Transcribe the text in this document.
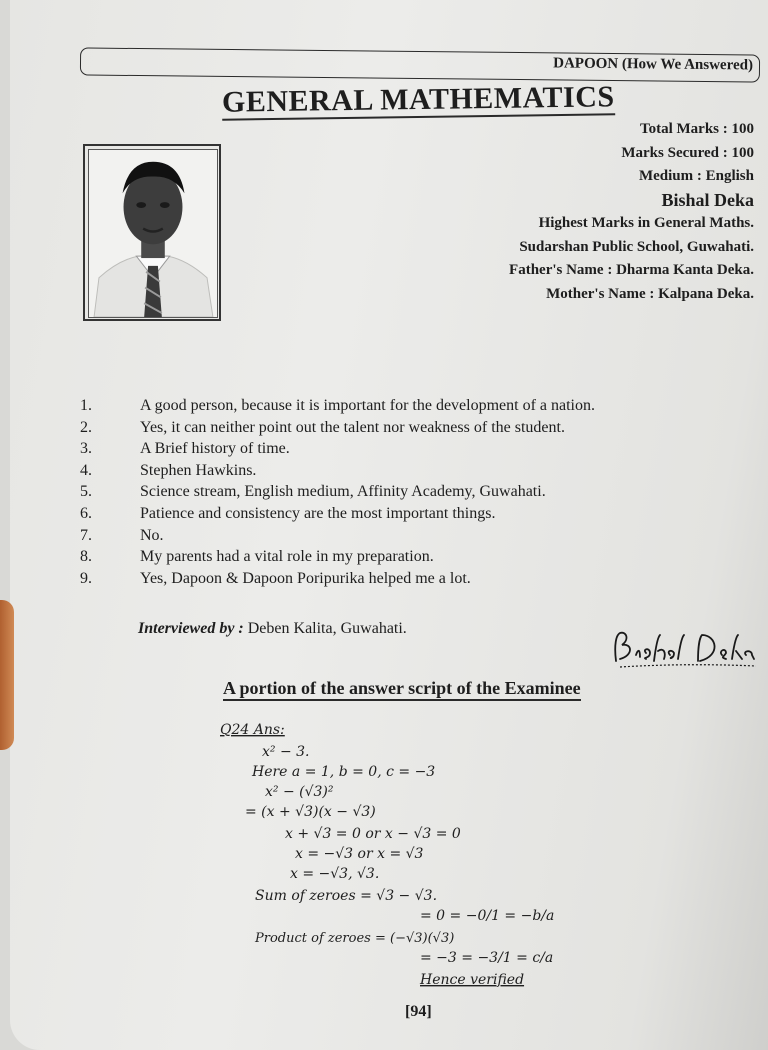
DAPOON (How We Answered)
GENERAL MATHEMATICS
Total Marks : 100
Marks Secured : 100
Medium : English
Bishal Deka
Highest Marks in General Maths.
Sudarshan Public School, Guwahati.
Father's Name : Dharma Kanta Deka.
Mother's Name : Kalpana Deka.
1.	A good person, because it is important for the development of a nation.
2.	Yes, it can neither point out the talent nor weakness of the student.
3.	A Brief history of time.
4.	Stephen Hawkins.
5.	Science stream, English medium, Affinity Academy, Guwahati.
6.	Patience and consistency are the most important things.
7.	No.
8.	My parents had a vital role in my preparation.
9.	Yes, Dapoon & Dapoon Poripurika helped me a lot.
Interviewed by : Deben Kalita, Guwahati.
A portion of the answer script of the Examinee
Q24 Ans:
x² − 3.
Here a = 1, b = 0, c = −3
x² − (√3)²
= (x + √3)(x − √3)
x + √3 = 0 or x − √3 = 0
x = −√3 or x = √3
x = −√3, √3.
Sum of zeroes = √3 − √3.
= 0 = −0/1 = −b/a
Product of zeroes = (−√3)(√3)
= −3 = −3/1 = c/a
Hence verified
[94]
